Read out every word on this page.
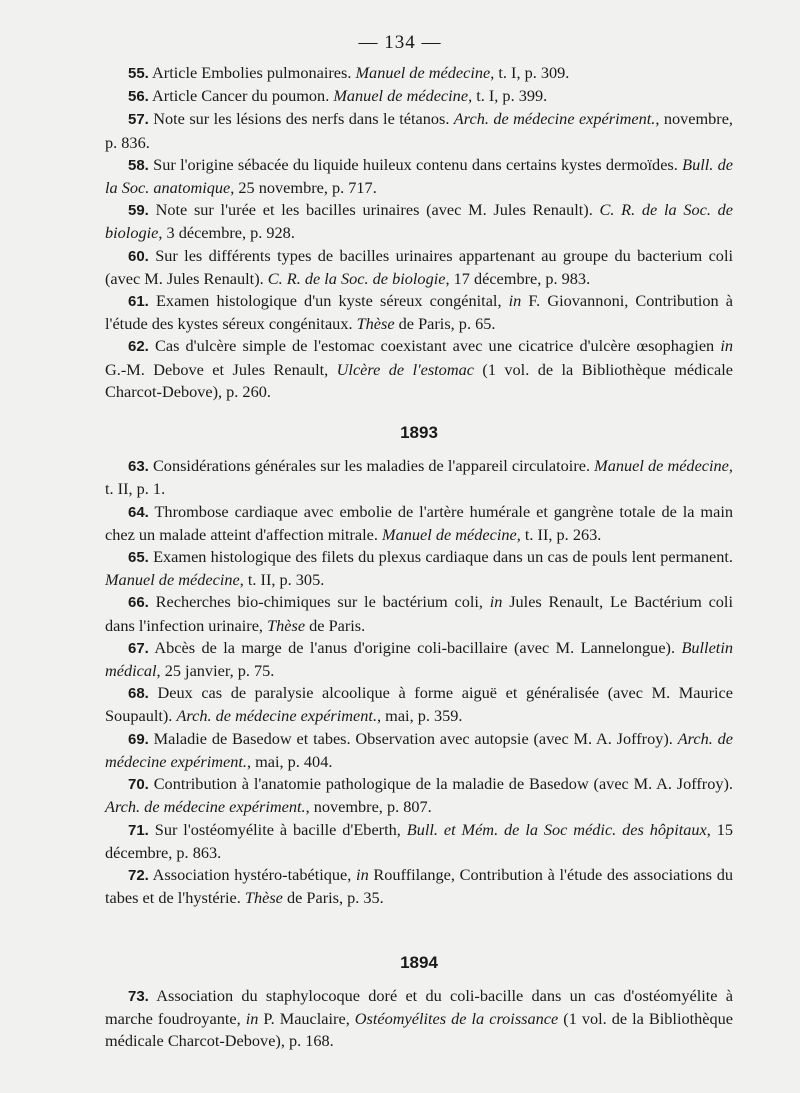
— 134 —

55. Article Embolies pulmonaires. Manuel de médecine, t. I, p. 309.

56. Article Cancer du poumon. Manuel de médecine, t. I, p. 399.

57. Note sur les lésions des nerfs dans le tétanos. Arch. de médecine expériment., novembre, p. 836.

58. Sur l'origine sébacée du liquide huileux contenu dans certains kystes dermoïdes. Bull. de la Soc. anatomique, 25 novembre, p. 717.

59. Note sur l'urée et les bacilles urinaires (avec M. Jules Renault). C. R. de la Soc. de biologie, 3 décembre, p. 928.

60. Sur les différents types de bacilles urinaires appartenant au groupe du bacterium coli (avec M. Jules Renault). C. R. de la Soc. de biologie, 17 décembre, p. 983.

61. Examen histologique d'un kyste séreux congénital, in F. Giovannoni, Contribution à l'étude des kystes séreux congénitaux. Thèse de Paris, p. 65.

62. Cas d'ulcère simple de l'estomac coexistant avec une cicatrice d'ulcère œsophagien in G.-M. Debove et Jules Renault, Ulcère de l'estomac (1 vol. de la Bibliothèque médicale Charcot-Debove), p. 260.

1893

63. Considérations générales sur les maladies de l'appareil circulatoire. Manuel de médecine, t. II, p. 1.

64. Thrombose cardiaque avec embolie de l'artère humérale et gangrène totale de la main chez un malade atteint d'affection mitrale. Manuel de médecine, t. II, p. 263.

65. Examen histologique des filets du plexus cardiaque dans un cas de pouls lent permanent. Manuel de médecine, t. II, p. 305.

66. Recherches bio-chimiques sur le bactérium coli, in Jules Renault, Le Bactérium coli dans l'infection urinaire, Thèse de Paris.

67. Abcès de la marge de l'anus d'origine coli-bacillaire (avec M. Lannelongue). Bulletin médical, 25 janvier, p. 75.

68. Deux cas de paralysie alcoolique à forme aiguë et généralisée (avec M. Maurice Soupault). Arch. de médecine expériment., mai, p. 359.

69. Maladie de Basedow et tabes. Observation avec autopsie (avec M. A. Joffroy). Arch. de médecine expériment., mai, p. 404.

70. Contribution à l'anatomie pathologique de la maladie de Basedow (avec M. A. Joffroy). Arch. de médecine expériment., novembre, p. 807.

71. Sur l'ostéomyélite à bacille d'Eberth, Bull. et Mém. de la Soc médic. des hôpitaux, 15 décembre, p. 863.

72. Association hystéro-tabétique, in Rouffilange, Contribution à l'étude des associations du tabes et de l'hystérie. Thèse de Paris, p. 35.

1894

73. Association du staphylocoque doré et du coli-bacille dans un cas d'ostéomyélite à marche foudroyante, in P. Mauclaire, Ostéomyélites de la croissance (1 vol. de la Bibliothèque médicale Charcot-Debove), p. 168.
